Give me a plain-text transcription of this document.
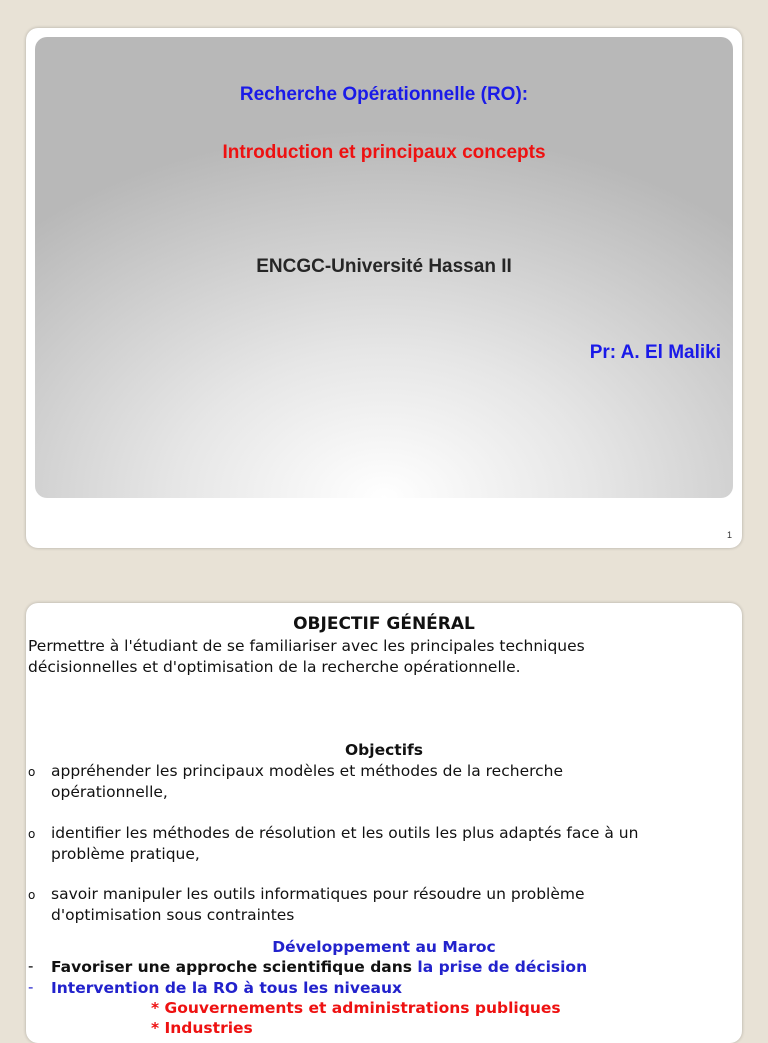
Recherche Opérationnelle (RO):
Introduction et principaux concepts
ENCGC-Université Hassan II
Pr: A. El Maliki
1
OBJECTIF GÉNÉRAL
Permettre à l'étudiant de se familiariser avec les principales techniques
décisionnelles et d'optimisation de la recherche opérationnelle.
Objectifs
o appréhender les principaux modèles et méthodes de la recherche
opérationnelle,
o identifier les méthodes de résolution et les outils les plus adaptés face à un
problème pratique,
o savoir manipuler les outils informatiques pour résoudre un problème
d'optimisation sous contraintes
Développement au Maroc
- Favoriser une approche scientifique dans la prise de décision
- Intervention de la RO à tous les niveaux
* Gouvernements et administrations publiques
* Industries
